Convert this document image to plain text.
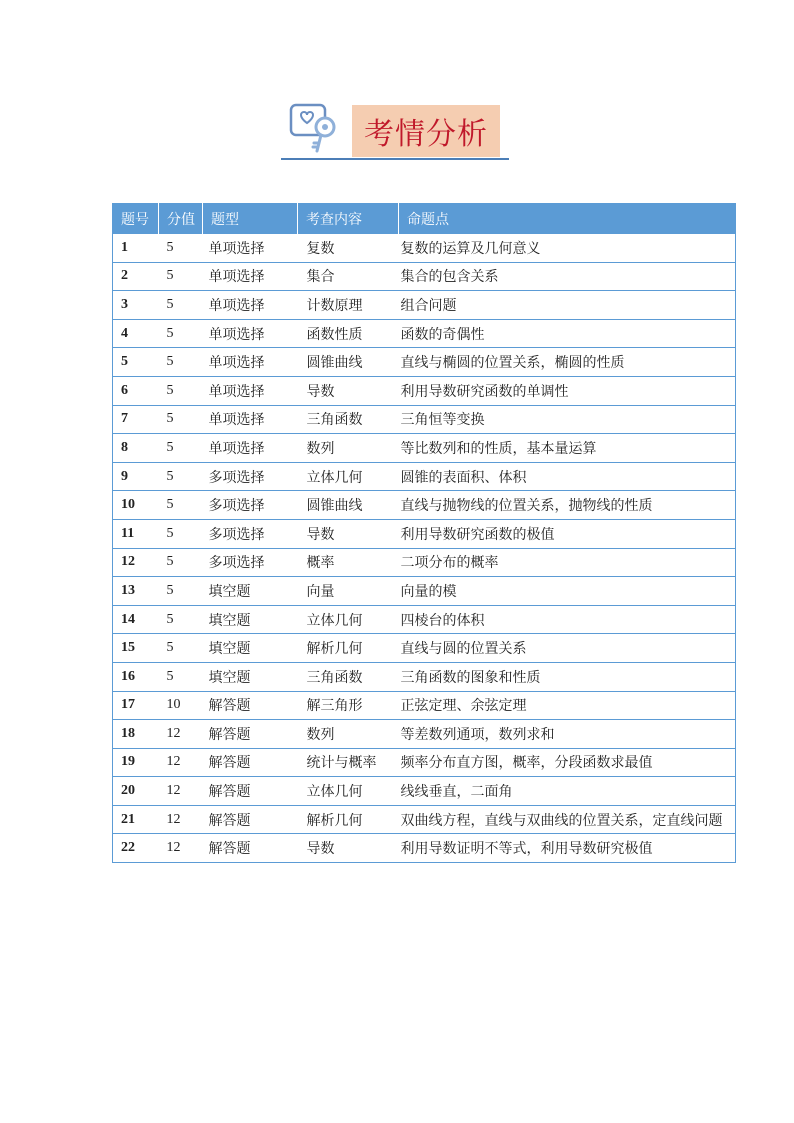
考情分析
题号	分值	题型	考查内容	命题点
1	5	单项选择	复数	复数的运算及几何意义
2	5	单项选择	集合	集合的包含关系
3	5	单项选择	计数原理	组合问题
4	5	单项选择	函数性质	函数的奇偶性
5	5	单项选择	圆锥曲线	直线与椭圆的位置关系，椭圆的性质
6	5	单项选择	导数	利用导数研究函数的单调性
7	5	单项选择	三角函数	三角恒等变换
8	5	单项选择	数列	等比数列和的性质，基本量运算
9	5	多项选择	立体几何	圆锥的表面积、体积
10	5	多项选择	圆锥曲线	直线与抛物线的位置关系，抛物线的性质
11	5	多项选择	导数	利用导数研究函数的极值
12	5	多项选择	概率	二项分布的概率
13	5	填空题	向量	向量的模
14	5	填空题	立体几何	四棱台的体积
15	5	填空题	解析几何	直线与圆的位置关系
16	5	填空题	三角函数	三角函数的图象和性质
17	10	解答题	解三角形	正弦定理、余弦定理
18	12	解答题	数列	等差数列通项，数列求和
19	12	解答题	统计与概率	频率分布直方图，概率，分段函数求最值
20	12	解答题	立体几何	线线垂直，二面角
21	12	解答题	解析几何	双曲线方程，直线与双曲线的位置关系，定直线问题
22	12	解答题	导数	利用导数证明不等式，利用导数研究极值
